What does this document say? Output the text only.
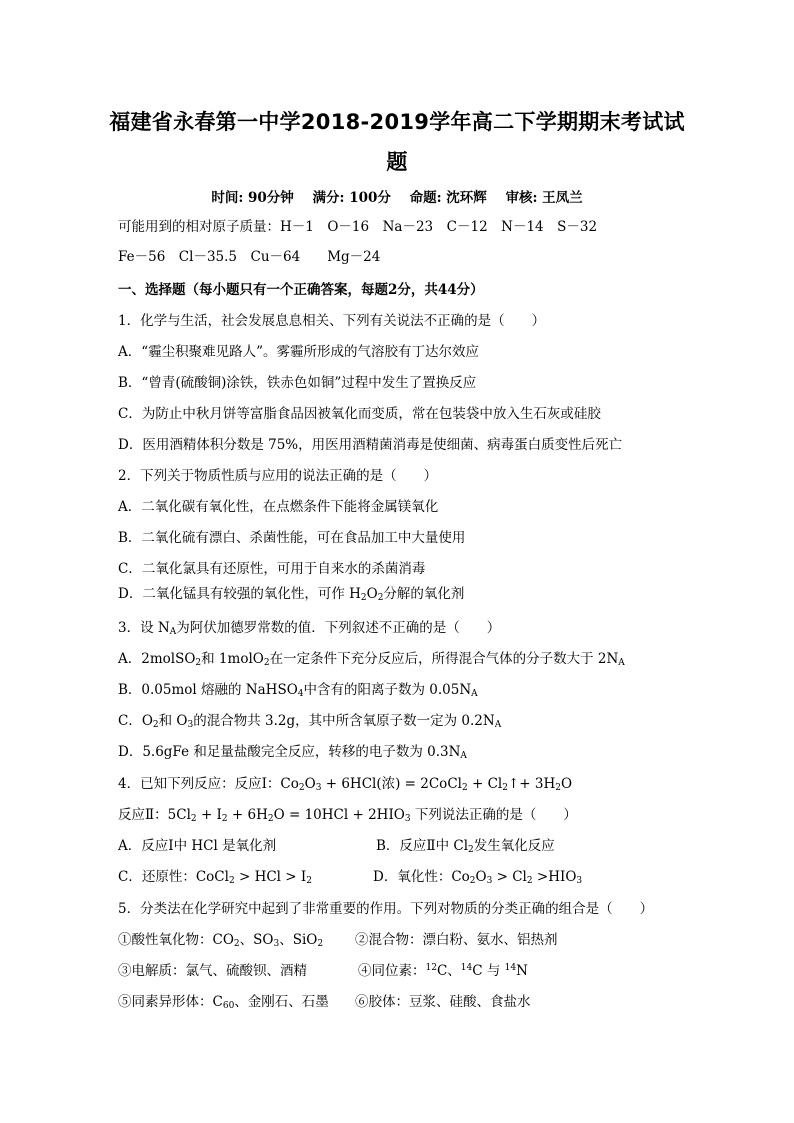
福建省永春第一中学2018-2019学年高二下学期期末考试试
题
时间: 90分钟 满分: 100分 命题: 沈环辉 审核: 王凤兰
可能用到的相对原子质量：H－1　O－16　Na－23　C－12　N－14　S－32
Fe－56　Cl－35.5　Cu－64　　Mg－24
一、选择题（每小题只有一个正确答案，每题2分，共44分）
1．化学与生活，社会发展息息相关、下列有关说法不正确的是（　　）
A．“霾尘积聚难见路人”。雾霾所形成的气溶胶有丁达尔效应
B．“曾青(硫酸铜)涂铁，铁赤色如铜”过程中发生了置换反应
C．为防止中秋月饼等富脂食品因被氧化而变质，常在包装袋中放入生石灰或硅胶
D．医用酒精体积分数是 75%，用医用酒精菌消毒是使细菌、病毒蛋白质变性后死亡
2．下列关于物质性质与应用的说法正确的是（　　）
A．二氧化碳有氧化性，在点燃条件下能将金属镁氧化
B．二氧化硫有漂白、杀菌性能，可在食品加工中大量使用
C．二氧化氯具有还原性，可用于自来水的杀菌消毒
D．二氧化锰具有较强的氧化性，可作 $H_2O_2$分解的氧化剂
3．设 $N_A$为阿伏加德罗常数的值．下列叙述不正确的是（　　）
A．2molSO$_2$和 1molO$_2$在一定条件下充分反应后，所得混合气体的分子数大于 $2N_A$
B．0.05mol 熔融的 NaHSO$_4$中含有的阳离子数为 $0.05N_A$
C．$O_2$和 $O_3$的混合物共 3.2g，其中所含氧原子数一定为 $0.2N_A$
D．5.6gFe 和足量盐酸完全反应，转移的电子数为 $0.3N_A$
4．已知下列反应：反应Ⅰ：$Co_2O_3 + 6HCl$(浓) = 2CoCl$_2$ + $Cl_2↑+ 3H_2O$
反应Ⅱ：$5Cl_2 + I_2 + 6H_2O = 10HCl + 2HIO_3$ 下列说法正确的是（　　）
A．反应Ⅰ中 HCl 是氧化剂	B．反应Ⅱ中 $Cl_2$发生氧化反应
C．还原性：CoCl$_2$ > HCl > $I_2$	D．氧化性：$Co_2O_3 > Cl_2 >HIO_3$
5．分类法在化学研究中起到了非常重要的作用。下列对物质的分类正确的组合是（　　）
①酸性氧化物：$CO_2$、$SO_3$、SiO$_2$ ②混合物：漂白粉、氨水、铝热剂
③电解质：氯气、硫酸钡、酒精	④同位素：$^{12}$C、$^{14}$C 与 $^{14}$N
⑤同素异形体：$C_{60}$、金刚石、石墨 ⑥胶体：豆浆、硅酸、食盐水
